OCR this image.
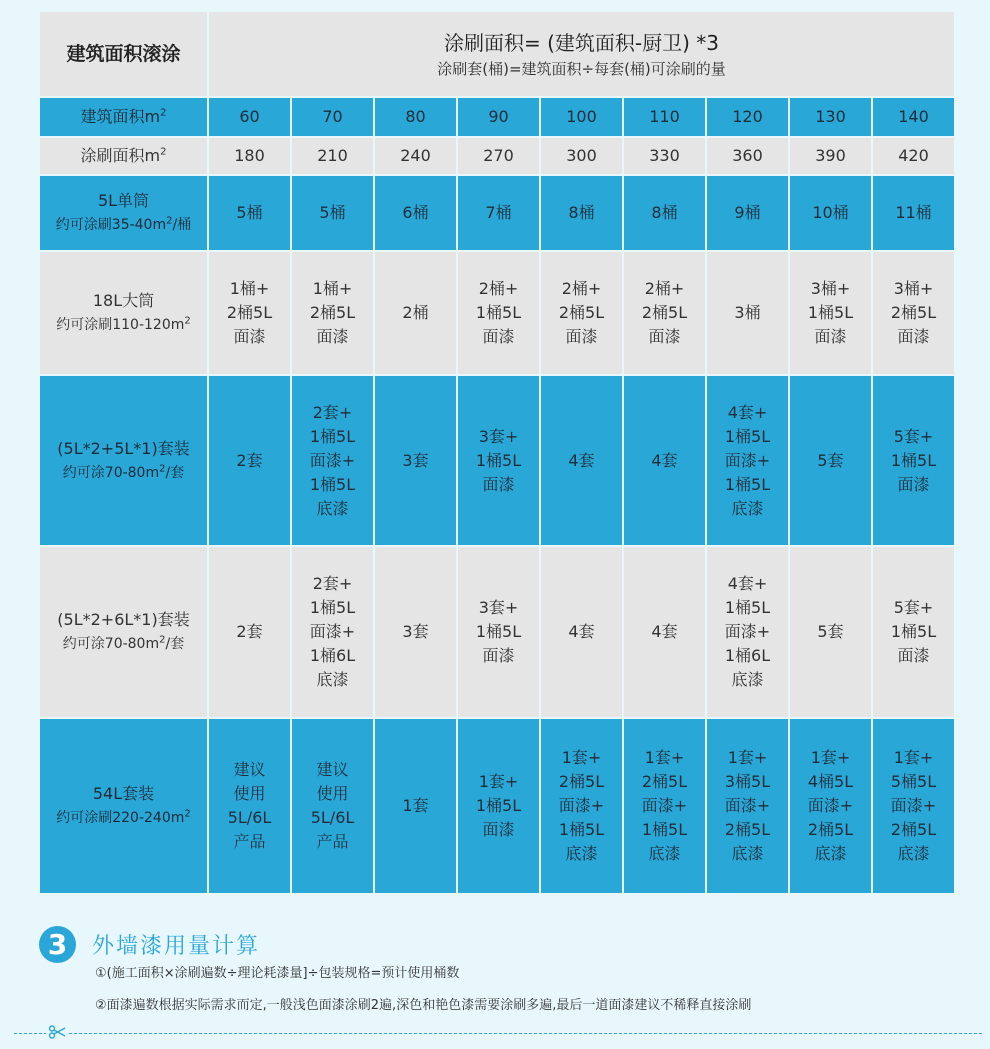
建筑面积滚涂	涂刷面积= (建筑面积-厨卫) *3
涂刷套(桶)=建筑面积÷每套(桶)可涂刷的量								

建筑面积$m^2$	60	70	80	90	100	110	120	130	140
涂刷面积$m^2$	180	210	240	270	300	330	360	390	420

5L单筒
约可涂刷$35-40m^2/$桶	5桶	5桶	6桶	7桶	8桶	8桶	9桶	10桶	11桶

18L大筒
约可涂刷$110-120m^2$	1桶+
2桶5L
面漆	1桶+
2桶5L
面漆	2桶	2桶+
1桶5L
面漆	2桶+
2桶5L
面漆	2桶+
2桶5L
面漆	3桶	3桶+
1桶5L
面漆	3桶+
2桶5L
面漆

(5L*2+5L*1)套装
约可涂$70-80m^2/$套	2套	2套+
1桶5L
面漆+
1桶5L
底漆	3套	3套+
1桶5L
面漆	4套	4套	4套+
1桶5L
面漆+
1桶5L
底漆	5套	5套+
1桶5L
面漆

(5L*2+6L*1)套装
约可涂$70-80m^2/$套	2套	2套+
1桶5L
面漆+
1桶6L
底漆	3套	3套+
1桶5L
面漆	4套	4套	4套+
1桶5L
面漆+
1桶6L
底漆	5套	5套+
1桶5L
面漆

54L套装
约可涂刷$220-240m^2$	建议
使用
5L/6L
产品	建议
使用
5L/6L
产品	1套	1套+
1桶5L
面漆	1套+
2桶5L
面漆+
1桶5L
底漆	1套+
2桶5L
面漆+
1桶5L
底漆	1套+
3桶5L
面漆+
2桶5L
底漆	1套+
4桶5L
面漆+
2桶5L
底漆	1套+
5桶5L
面漆+
2桶5L
底漆
3	外墙漆用量计算
①(施工面积×涂刷遍数÷理论耗漆量]÷包装规格=预计使用桶数
②面漆遍数根据实际需求而定,一般浅色面漆涂刷2遍,深色和艳色漆需要涂刷多遍,最后一道面漆建议不稀释直接涂刷
